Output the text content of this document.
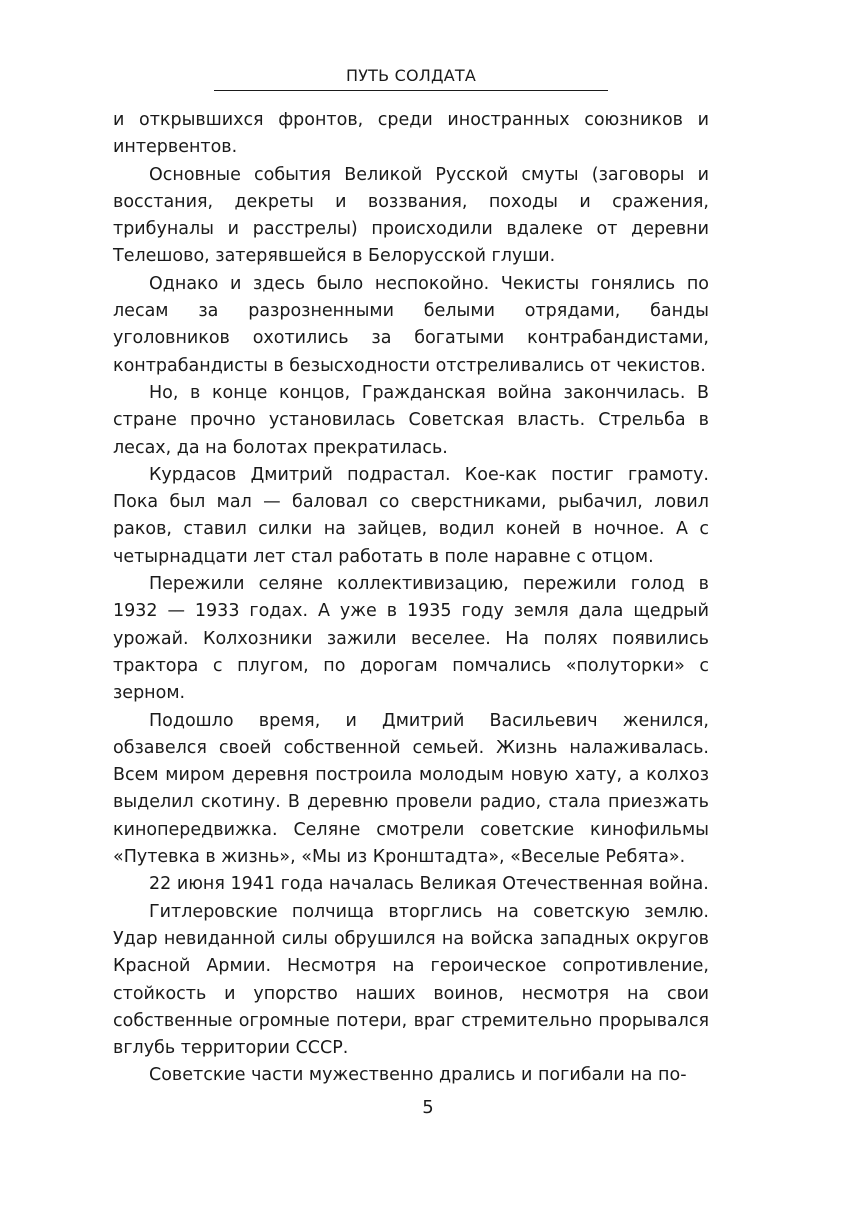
ПУТЬ СОЛДАТА

и открывшихся фронтов, среди иностранных союзников и интервентов.

Основные события Великой Русской смуты (заговоры и восстания, декреты и воззвания, походы и сражения, трибуналы и расстрелы) происходили вдалеке от деревни Телешово, затерявшейся в Белорусской глуши.

Однако и здесь было неспокойно. Чекисты гонялись по лесам за разрозненными белыми отрядами, банды уголовников охотились за богатыми контрабандистами, контрабандисты в безысходности отстреливались от чекистов.

Но, в конце концов, Гражданская война закончилась. В стране прочно установилась Советская власть. Стрельба в лесах, да на болотах прекратилась.

Курдасов Дмитрий подрастал. Кое-как постиг грамоту. Пока был мал — баловал со сверстниками, рыбачил, ловил раков, ставил силки на зайцев, водил коней в ночное. А с четырнадцати лет стал работать в поле наравне с отцом.

Пережили селяне коллективизацию, пережили голод в 1932 — 1933 годах. А уже в 1935 году земля дала щедрый урожай. Колхозники зажили веселее. На полях появились трактора с плугом, по дорогам помчались «полуторки» с зерном.

Подошло время, и Дмитрий Васильевич женился, обзавелся своей собственной семьей. Жизнь налаживалась. Всем миром деревня построила молодым новую хату, а колхоз выделил скотину. В деревню провели радио, стала приезжать кинопередвижка. Селяне смотрели советские кинофильмы «Путевка в жизнь», «Мы из Кронштадта», «Веселые Ребята».

22 июня 1941 года началась Великая Отечественная война.

Гитлеровские полчища вторглись на советскую землю. Удар невиданной силы обрушился на войска западных округов Красной Армии. Несмотря на героическое сопротивление, стойкость и упорство наших воинов, несмотря на свои собственные огромные потери, враг стремительно прорывался вглубь территории СССР.

Советские части мужественно дрались и погибали на по-

5
